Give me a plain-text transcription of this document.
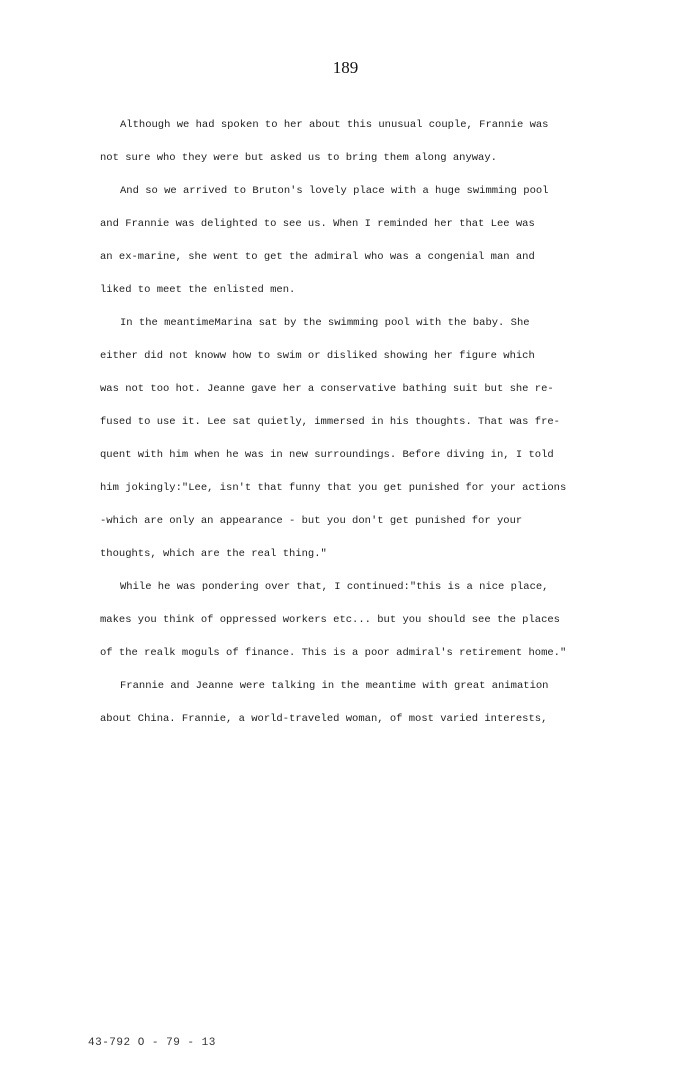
189
Although we had spoken to her about this unusual couple, Frannie was
not sure who they were but asked us to bring them along anyway.
And so we arrived to Bruton's lovely place with a huge swimming pool
and Frannie was delighted to see us. When I reminded her that Lee was
an ex-marine, she went to get the admiral who was a congenial man and
liked to meet the enlisted men.
In the meantimeMarina sat by the swimming pool with the baby. She
either did not knoww how to swim or disliked showing her figure which
was not too hot. Jeanne gave her a conservative bathing suit but she re-
fused to use it. Lee sat quietly, immersed in his thoughts. That was fre-
quent with him when he was in new surroundings. Before diving in, I told
him jokingly:"Lee, isn't that funny that you get punished for your actions
-which are only an appearance - but you don't get punished for your
thoughts, which are the real thing."
While he was pondering over that, I continued:"this is a nice place,
makes you think of oppressed workers etc... but you should see the places
of the realk moguls of finance. This is a poor admiral's retirement home."
Frannie and Jeanne were talking in the meantime with great animation
about China. Frannie, a world-traveled woman, of most varied interests,
43-792 O - 79 - 13
